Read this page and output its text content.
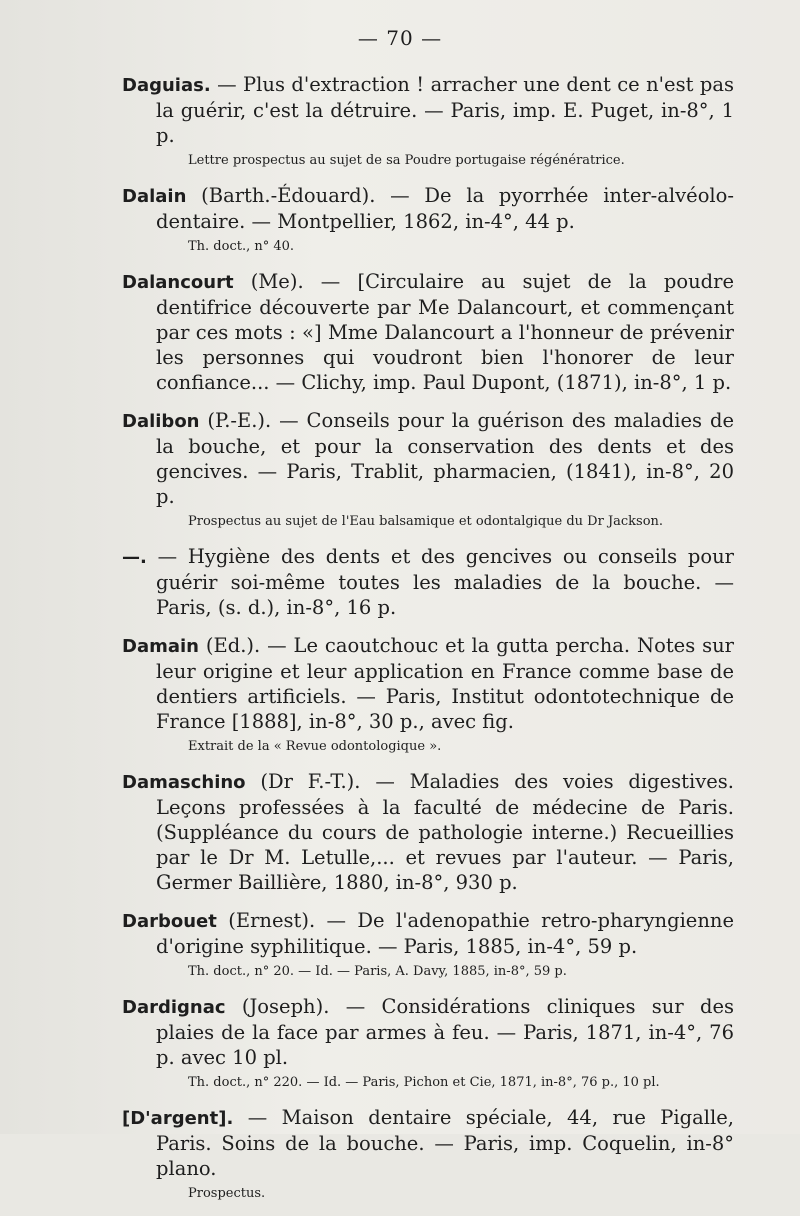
— 70 —
Daguias. — Plus d'extraction ! arracher une dent ce n'est pas la guérir, c'est la détruire. — Paris, imp. E. Puget, in-8°, 1 p.
Lettre prospectus au sujet de sa Poudre portugaise régénératrice.
Dalain (Barth.-Édouard). — De la pyorrhée inter-alvéolo-dentaire. — Montpellier, 1862, in-4°, 44 p.
Th. doct., n° 40.
Dalancourt (Me). — [Circulaire au sujet de la poudre dentifrice découverte par Me Dalancourt, et commençant par ces mots : «] Mme Dalancourt a l'honneur de prévenir les personnes qui voudront bien l'honorer de leur confiance... — Clichy, imp. Paul Dupont, (1871), in-8°, 1 p.
Dalibon (P.-E.). — Conseils pour la guérison des maladies de la bouche, et pour la conservation des dents et des gencives. — Paris, Trablit, pharmacien, (1841), in-8°, 20 p.
Prospectus au sujet de l'Eau balsamique et odontalgique du Dr Jackson.
—. — Hygiène des dents et des gencives ou conseils pour guérir soi-même toutes les maladies de la bouche. — Paris, (s. d.), in-8°, 16 p.
Damain (Ed.). — Le caoutchouc et la gutta percha. Notes sur leur origine et leur application en France comme base de dentiers artificiels. — Paris, Institut odontotechnique de France [1888], in-8°, 30 p., avec fig.
Extrait de la « Revue odontologique ».
Damaschino (Dr F.-T.). — Maladies des voies digestives. Leçons professées à la faculté de médecine de Paris. (Suppléance du cours de pathologie interne.) Recueillies par le Dr M. Letulle,... et revues par l'auteur. — Paris, Germer Baillière, 1880, in-8°, 930 p.
Darbouet (Ernest). — De l'adenopathie retro-pharyngienne d'origine syphilitique. — Paris, 1885, in-4°, 59 p.
Th. doct., n° 20. — Id. — Paris, A. Davy, 1885, in-8°, 59 p.
Dardignac (Joseph). — Considérations cliniques sur des plaies de la face par armes à feu. — Paris, 1871, in-4°, 76 p. avec 10 pl.
Th. doct., n° 220. — Id. — Paris, Pichon et Cie, 1871, in-8°, 76 p., 10 pl.
[D'argent]. — Maison dentaire spéciale, 44, rue Pigalle, Paris. Soins de la bouche. — Paris, imp. Coquelin, in-8° plano.
Prospectus.
